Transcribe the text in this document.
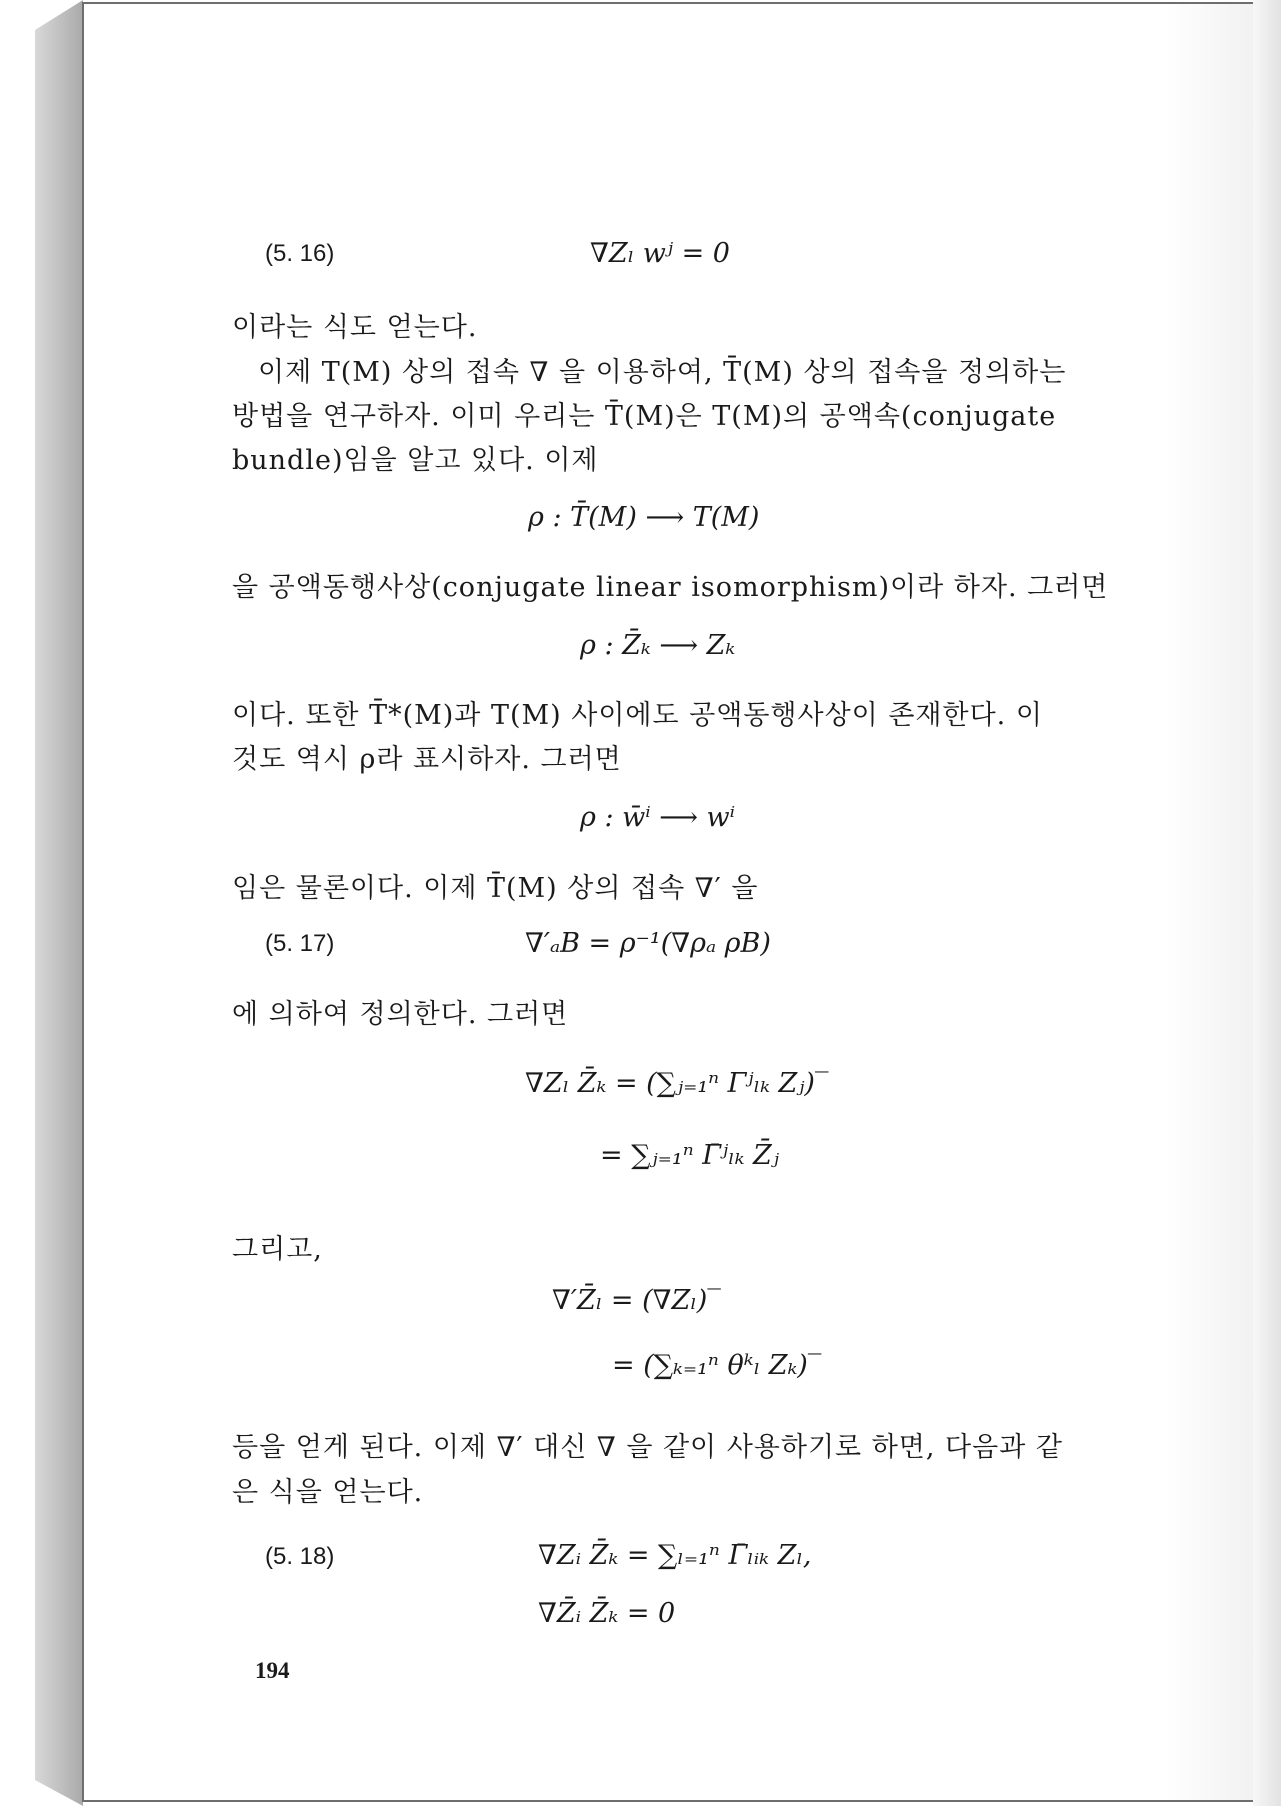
(5. 16)	∇Zₗ wʲ = 0
이라는 식도 얻는다.
이제 T(M) 상의 접속 ∇ 을 이용하여, T̄(M) 상의 접속을 정의하는
방법을 연구하자. 이미 우리는 T̄(M)은 T(M)의 공액속(conjugate
bundle)임을 알고 있다. 이제
ρ : T̄(M) ⟶ T(M)
을 공액동행사상(conjugate linear isomorphism)이라 하자. 그러면
ρ : Z̄ₖ ⟶ Zₖ
이다. 또한 T̄*(M)과 T(M) 사이에도 공액동행사상이 존재한다. 이
것도 역시 ρ라 표시하자. 그러면
ρ : w̄ⁱ ⟶ wⁱ
임은 물론이다. 이제 T̄(M) 상의 접속 ∇′ 을
(5. 17)	∇′ₐB = ρ⁻¹(∇ρₐ ρB)
에 의하여 정의한다. 그러면
∇Zₗ Z̄ₖ = (∑ⱼ₌₁ⁿ Γʲₗₖ Zⱼ)‾
= ∑ⱼ₌₁ⁿ Γ̄ʲₗₖ Z̄ⱼ
그리고,
∇′Z̄ₗ = (∇Zₗ)‾
= (∑ₖ₌₁ⁿ θᵏₗ Zₖ)‾
등을 얻게 된다. 이제 ∇′ 대신 ∇ 을 같이 사용하기로 하면, 다음과 같
은 식을 얻는다.
(5. 18)	∇Zᵢ Z̄ₖ = ∑ₗ₌₁ⁿ Γ̄ₗᵢₖ Zₗ,
∇Z̄ᵢ Z̄ₖ = 0
194
